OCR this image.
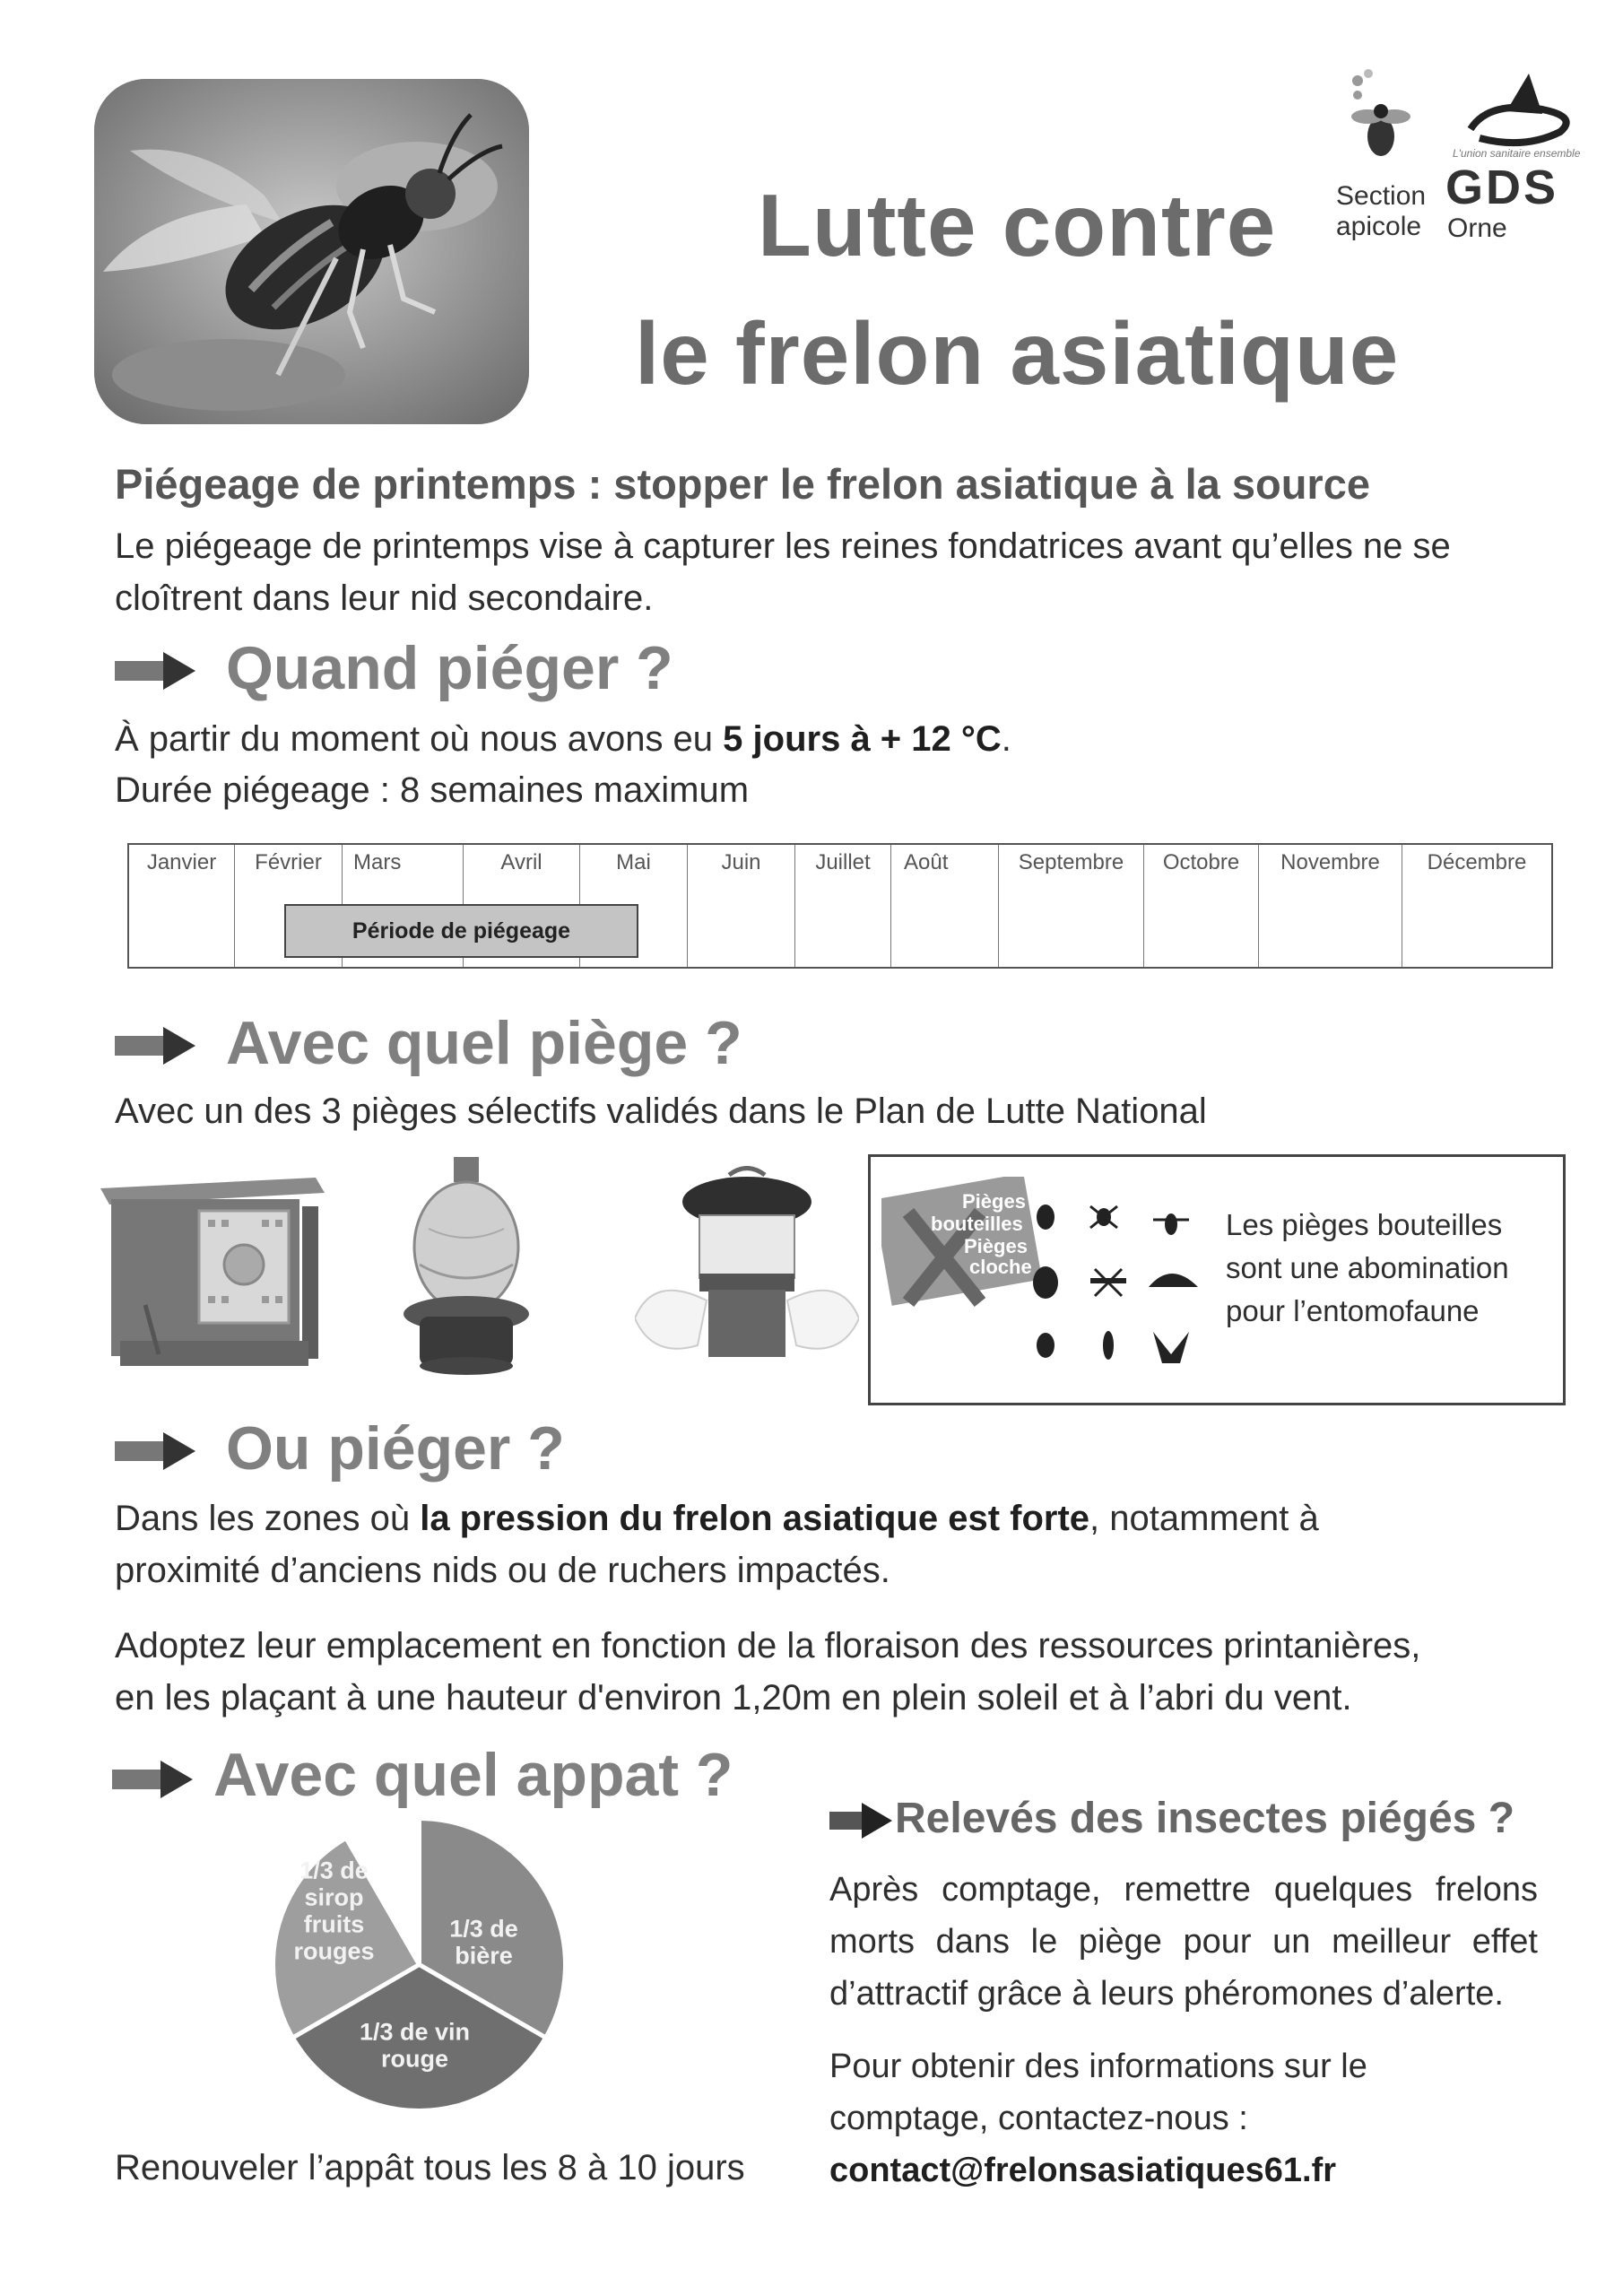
Lutte contre
le frelon asiatique
L'union sanitaire ensemble
Section
apicole
GDS
Orne
Piégeage de printemps : stopper le frelon asiatique à la source
Le piégeage de printemps vise à capturer les reines fondatrices avant qu’elles ne se
cloîtrent dans leur nid secondaire.
Quand piéger ?
À partir du moment où nous avons eu 5 jours à + 12 °C.
Durée piégeage : 8 semaines maximum
Janvier	Février	Mars	Avril	Mai	Juin	Juillet	Août	Septembre	Octobre	Novembre	Décembre
Période de piégeage
Avec quel piège ?
Avec un des 3 pièges sélectifs validés dans le Plan de Lutte National
Pièges
bouteilles
Pièges
cloche
Les pièges bouteilles
sont une abomination
pour l’entomofaune
Ou piéger ?
Dans les zones où la pression du frelon asiatique est forte, notamment à
proximité d’anciens nids ou de ruchers impactés.
Adoptez leur emplacement en fonction de la floraison des ressources printanières,
en les plaçant à une hauteur d'environ 1,20m en plein soleil et à l’abri du vent.
Avec quel appat ?
1/3 de
sirop
fruits
rouges
1/3 de
bière
1/3 de vin
rouge
Renouveler l’appât tous les 8 à 10 jours
Relevés des insectes piégés ?
Après comptage, remettre quelques frelons
morts dans le piège pour un meilleur effet
d’attractif grâce à leurs phéromones d’alerte.
Pour obtenir des informations sur le
comptage, contactez-nous :
contact@frelonsasiatiques61.fr
